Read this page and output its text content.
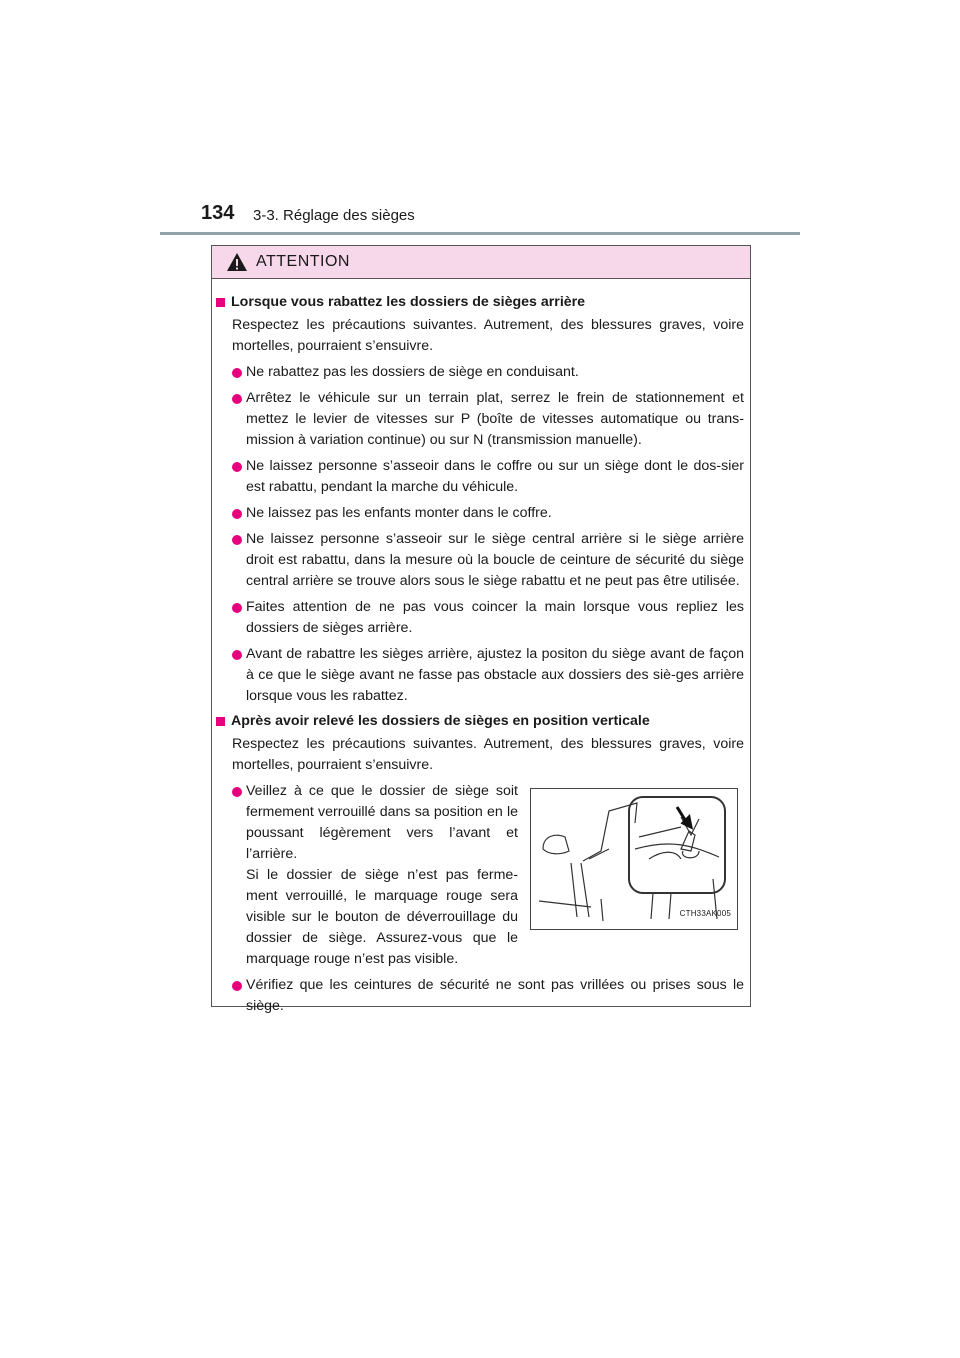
134 3-3. Réglage des sièges
ATTENTION
Lorsque vous rabattez les dossiers de sièges arrière
Respectez les précautions suivantes. Autrement, des blessures graves, voire mortelles, pourraient s’ensuivre.
Ne rabattez pas les dossiers de siège en conduisant.
Arrêtez le véhicule sur un terrain plat, serrez le frein de stationnement et mettez le levier de vitesses sur P (boîte de vitesses automatique ou trans-mission à variation continue) ou sur N (transmission manuelle).
Ne laissez personne s’asseoir dans le coffre ou sur un siège dont le dos-sier est rabattu, pendant la marche du véhicule.
Ne laissez pas les enfants monter dans le coffre.
Ne laissez personne s’asseoir sur le siège central arrière si le siège arrière droit est rabattu, dans la mesure où la boucle de ceinture de sécurité du siège central arrière se trouve alors sous le siège rabattu et ne peut pas être utilisée.
Faites attention de ne pas vous coincer la main lorsque vous repliez les dossiers de sièges arrière.
Avant de rabattre les sièges arrière, ajustez la positon du siège avant de façon à ce que le siège avant ne fasse pas obstacle aux dossiers des siè-ges arrière lorsque vous les rabattez.
Après avoir relevé les dossiers de sièges en position verticale
Respectez les précautions suivantes. Autrement, des blessures graves, voire mortelles, pourraient s’ensuivre.
Veillez à ce que le dossier de siège soit fermement verrouillé dans sa position en le poussant légèrement vers l’avant et l’arrière.
Si le dossier de siège n’est pas ferme-ment verrouillé, le marquage rouge sera visible sur le bouton de déverrouillage du dossier de siège. Assurez-vous que le marquage rouge n’est pas visible.
CTH33AK005
Vérifiez que les ceintures de sécurité ne sont pas vrillées ou prises sous le siège.
